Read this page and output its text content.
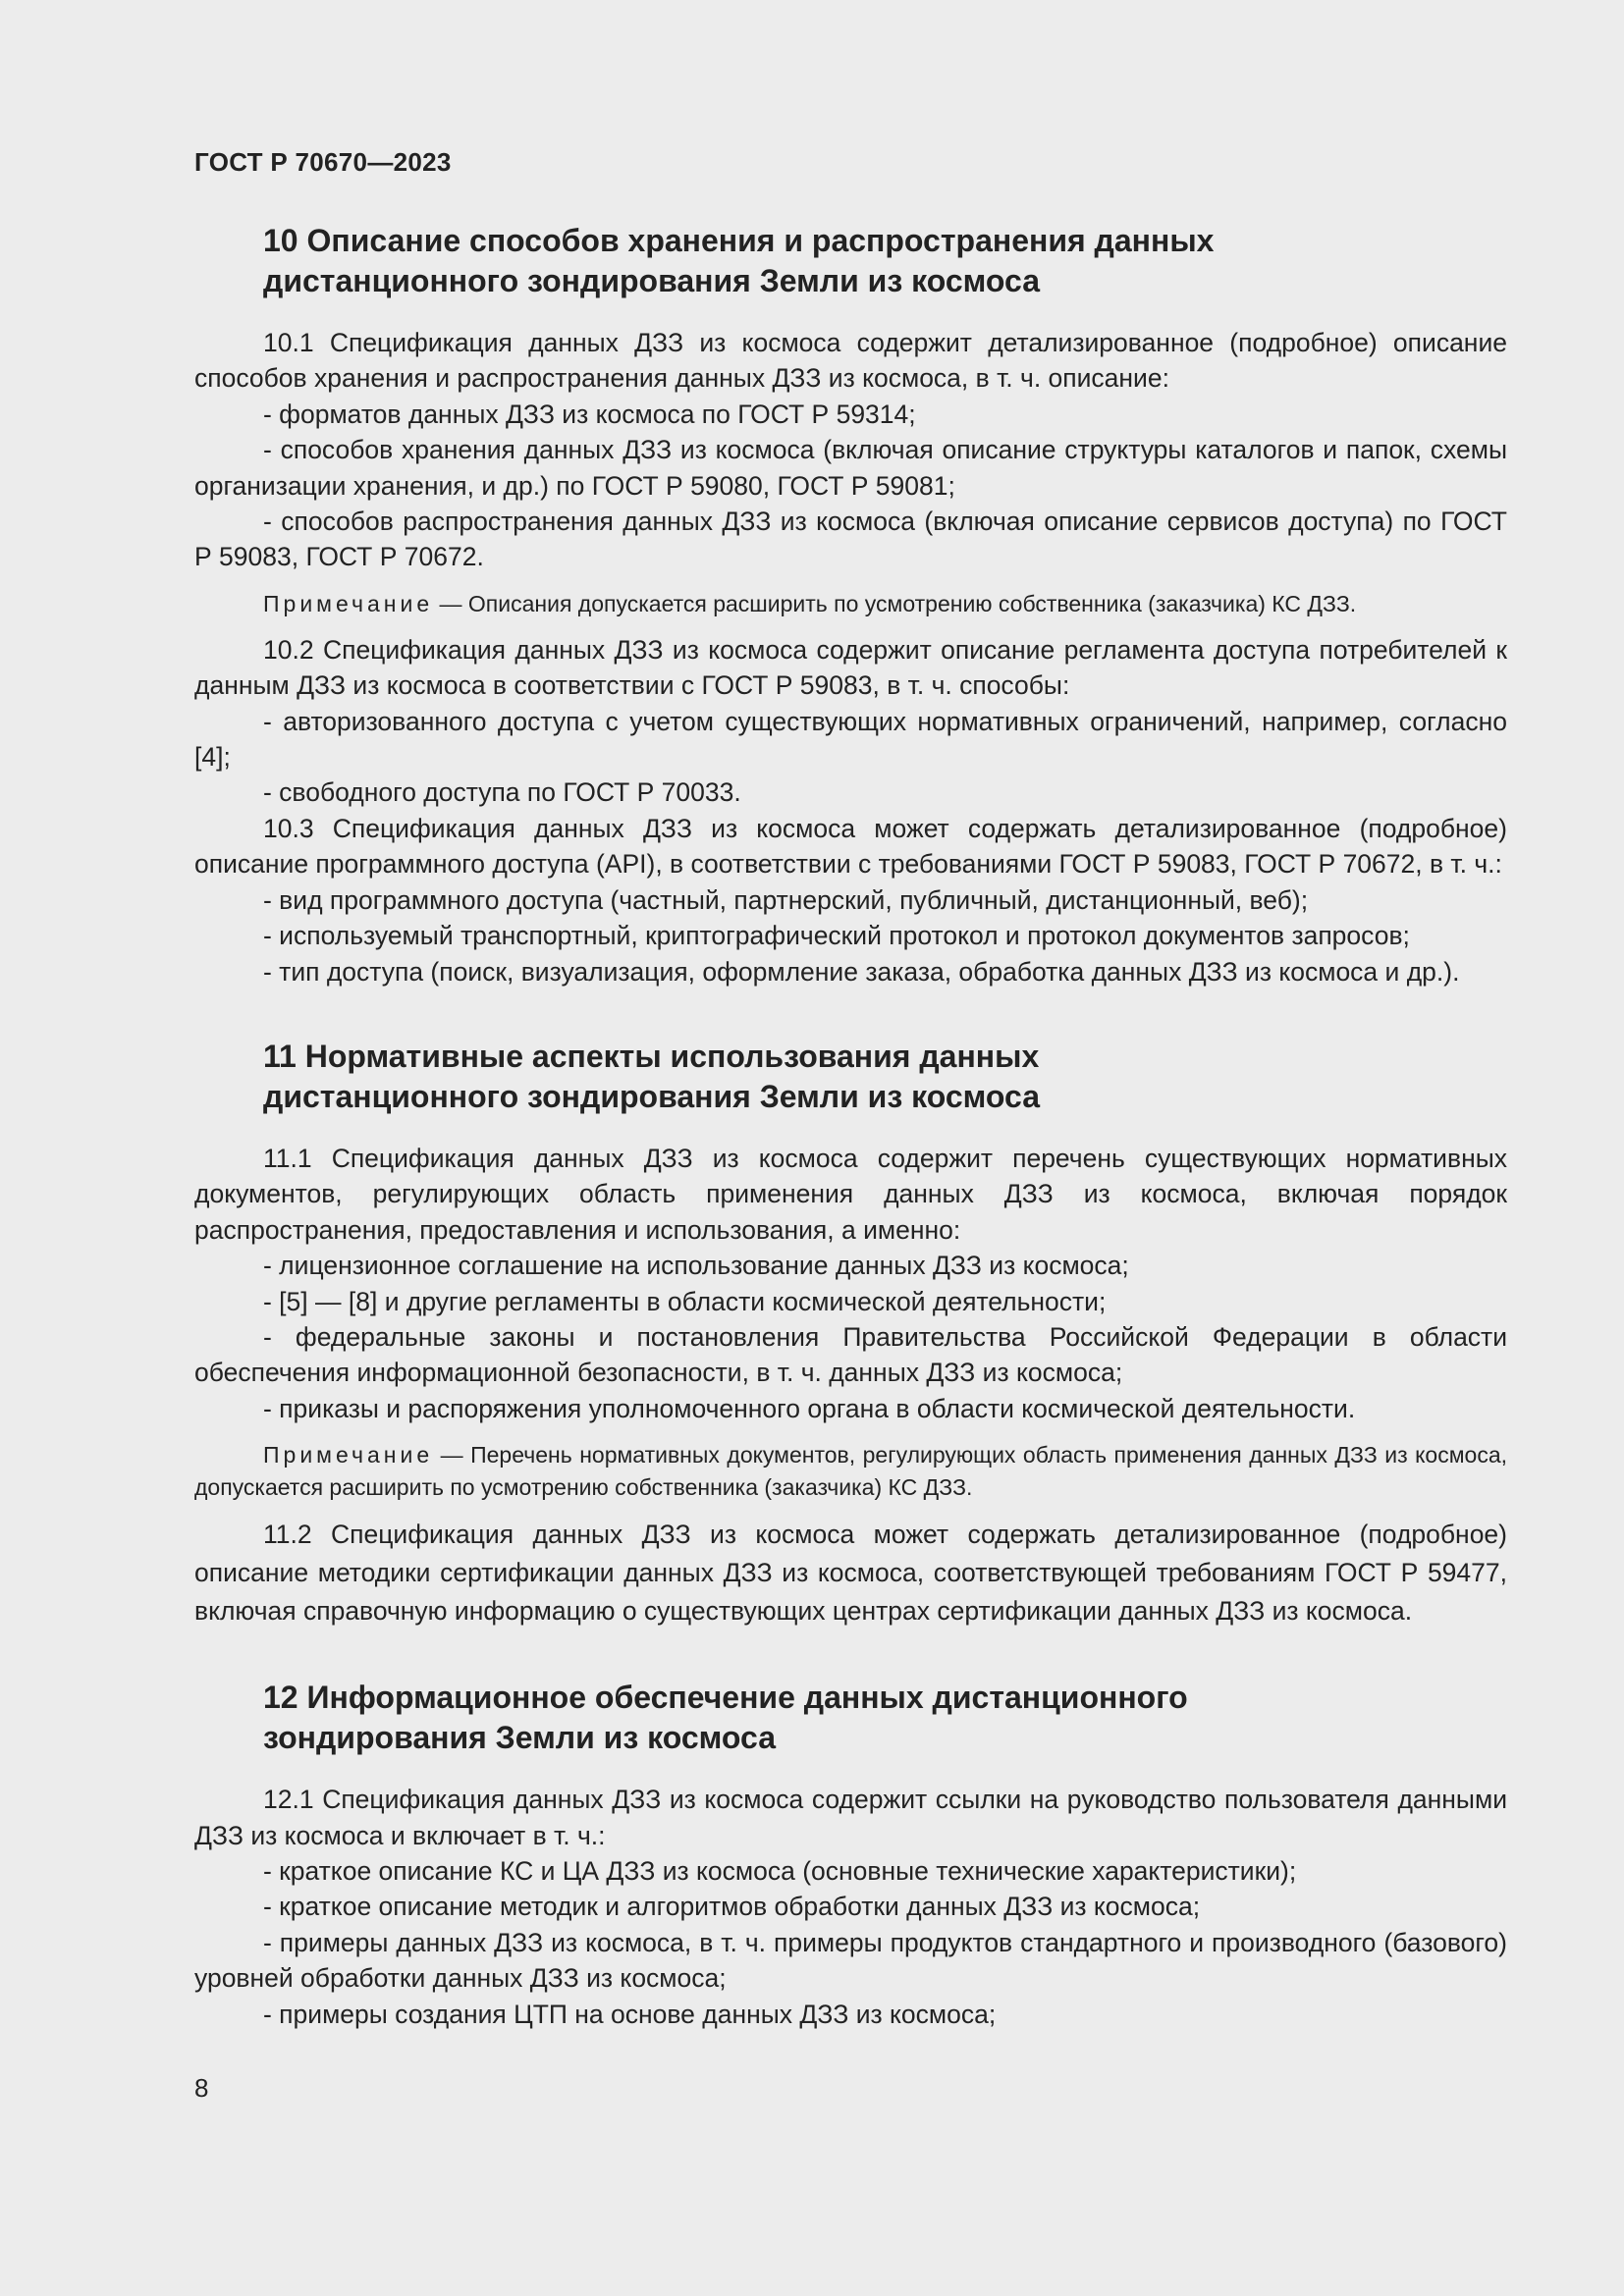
ГОСТ Р 70670—2023
10 Описание способов хранения и распространения данных
дистанционного зондирования Земли из космоса

10.1 Спецификация данных ДЗЗ из космоса содержит детализированное (подробное) описание способов хранения и распространения данных ДЗЗ из космоса, в т. ч. описание:

- форматов данных ДЗЗ из космоса по ГОСТ Р 59314;

- способов хранения данных ДЗЗ из космоса (включая описание структуры каталогов и папок, схемы организации хранения, и др.) по ГОСТ Р 59080, ГОСТ Р 59081;

- способов распространения данных ДЗЗ из космоса (включая описание сервисов доступа) по ГОСТ Р 59083, ГОСТ Р 70672.

Примечание — Описания допускается расширить по усмотрению собственника (заказчика) КС ДЗЗ.

10.2 Спецификация данных ДЗЗ из космоса содержит описание регламента доступа потребителей к данным ДЗЗ из космоса в соответствии с ГОСТ Р 59083, в т. ч. способы:

- авторизованного доступа с учетом существующих нормативных ограничений, например, согласно [4];

- свободного доступа по ГОСТ Р 70033.

10.3 Спецификация данных ДЗЗ из космоса может содержать детализированное (подробное) описание программного доступа (API), в соответствии с требованиями ГОСТ Р 59083, ГОСТ Р 70672, в т. ч.:

- вид программного доступа (частный, партнерский, публичный, дистанционный, веб);

- используемый транспортный, криптографический протокол и протокол документов запросов;

- тип доступа (поиск, визуализация, оформление заказа, обработка данных ДЗЗ из космоса и др.).

11 Нормативные аспекты использования данных
дистанционного зондирования Земли из космоса

11.1 Спецификация данных ДЗЗ из космоса содержит перечень существующих нормативных документов, регулирующих область применения данных ДЗЗ из космоса, включая порядок распространения, предоставления и использования, а именно:

- лицензионное соглашение на использование данных ДЗЗ из космоса;

- [5] — [8] и другие регламенты в области космической деятельности;

- федеральные законы и постановления Правительства Российской Федерации в области обеспечения информационной безопасности, в т. ч. данных ДЗЗ из космоса;

- приказы и распоряжения уполномоченного органа в области космической деятельности.

Примечание — Перечень нормативных документов, регулирующих область применения данных ДЗЗ из космоса, допускается расширить по усмотрению собственника (заказчика) КС ДЗЗ.

11.2 Спецификация данных ДЗЗ из космоса может содержать детализированное (подробное) описание методики сертификации данных ДЗЗ из космоса, соответствующей требованиям ГОСТ Р 59477, включая справочную информацию о существующих центрах сертификации данных ДЗЗ из космоса.

12 Информационное обеспечение данных дистанционного
зондирования Земли из космоса

12.1 Спецификация данных ДЗЗ из космоса содержит ссылки на руководство пользователя данными ДЗЗ из космоса и включает в т. ч.:

- краткое описание КС и ЦА ДЗЗ из космоса (основные технические характеристики);

- краткое описание методик и алгоритмов обработки данных ДЗЗ из космоса;

- примеры данных ДЗЗ из космоса, в т. ч. примеры продуктов стандартного и производного (базового) уровней обработки данных ДЗЗ из космоса;

- примеры создания ЦТП на основе данных ДЗЗ из космоса;

8
